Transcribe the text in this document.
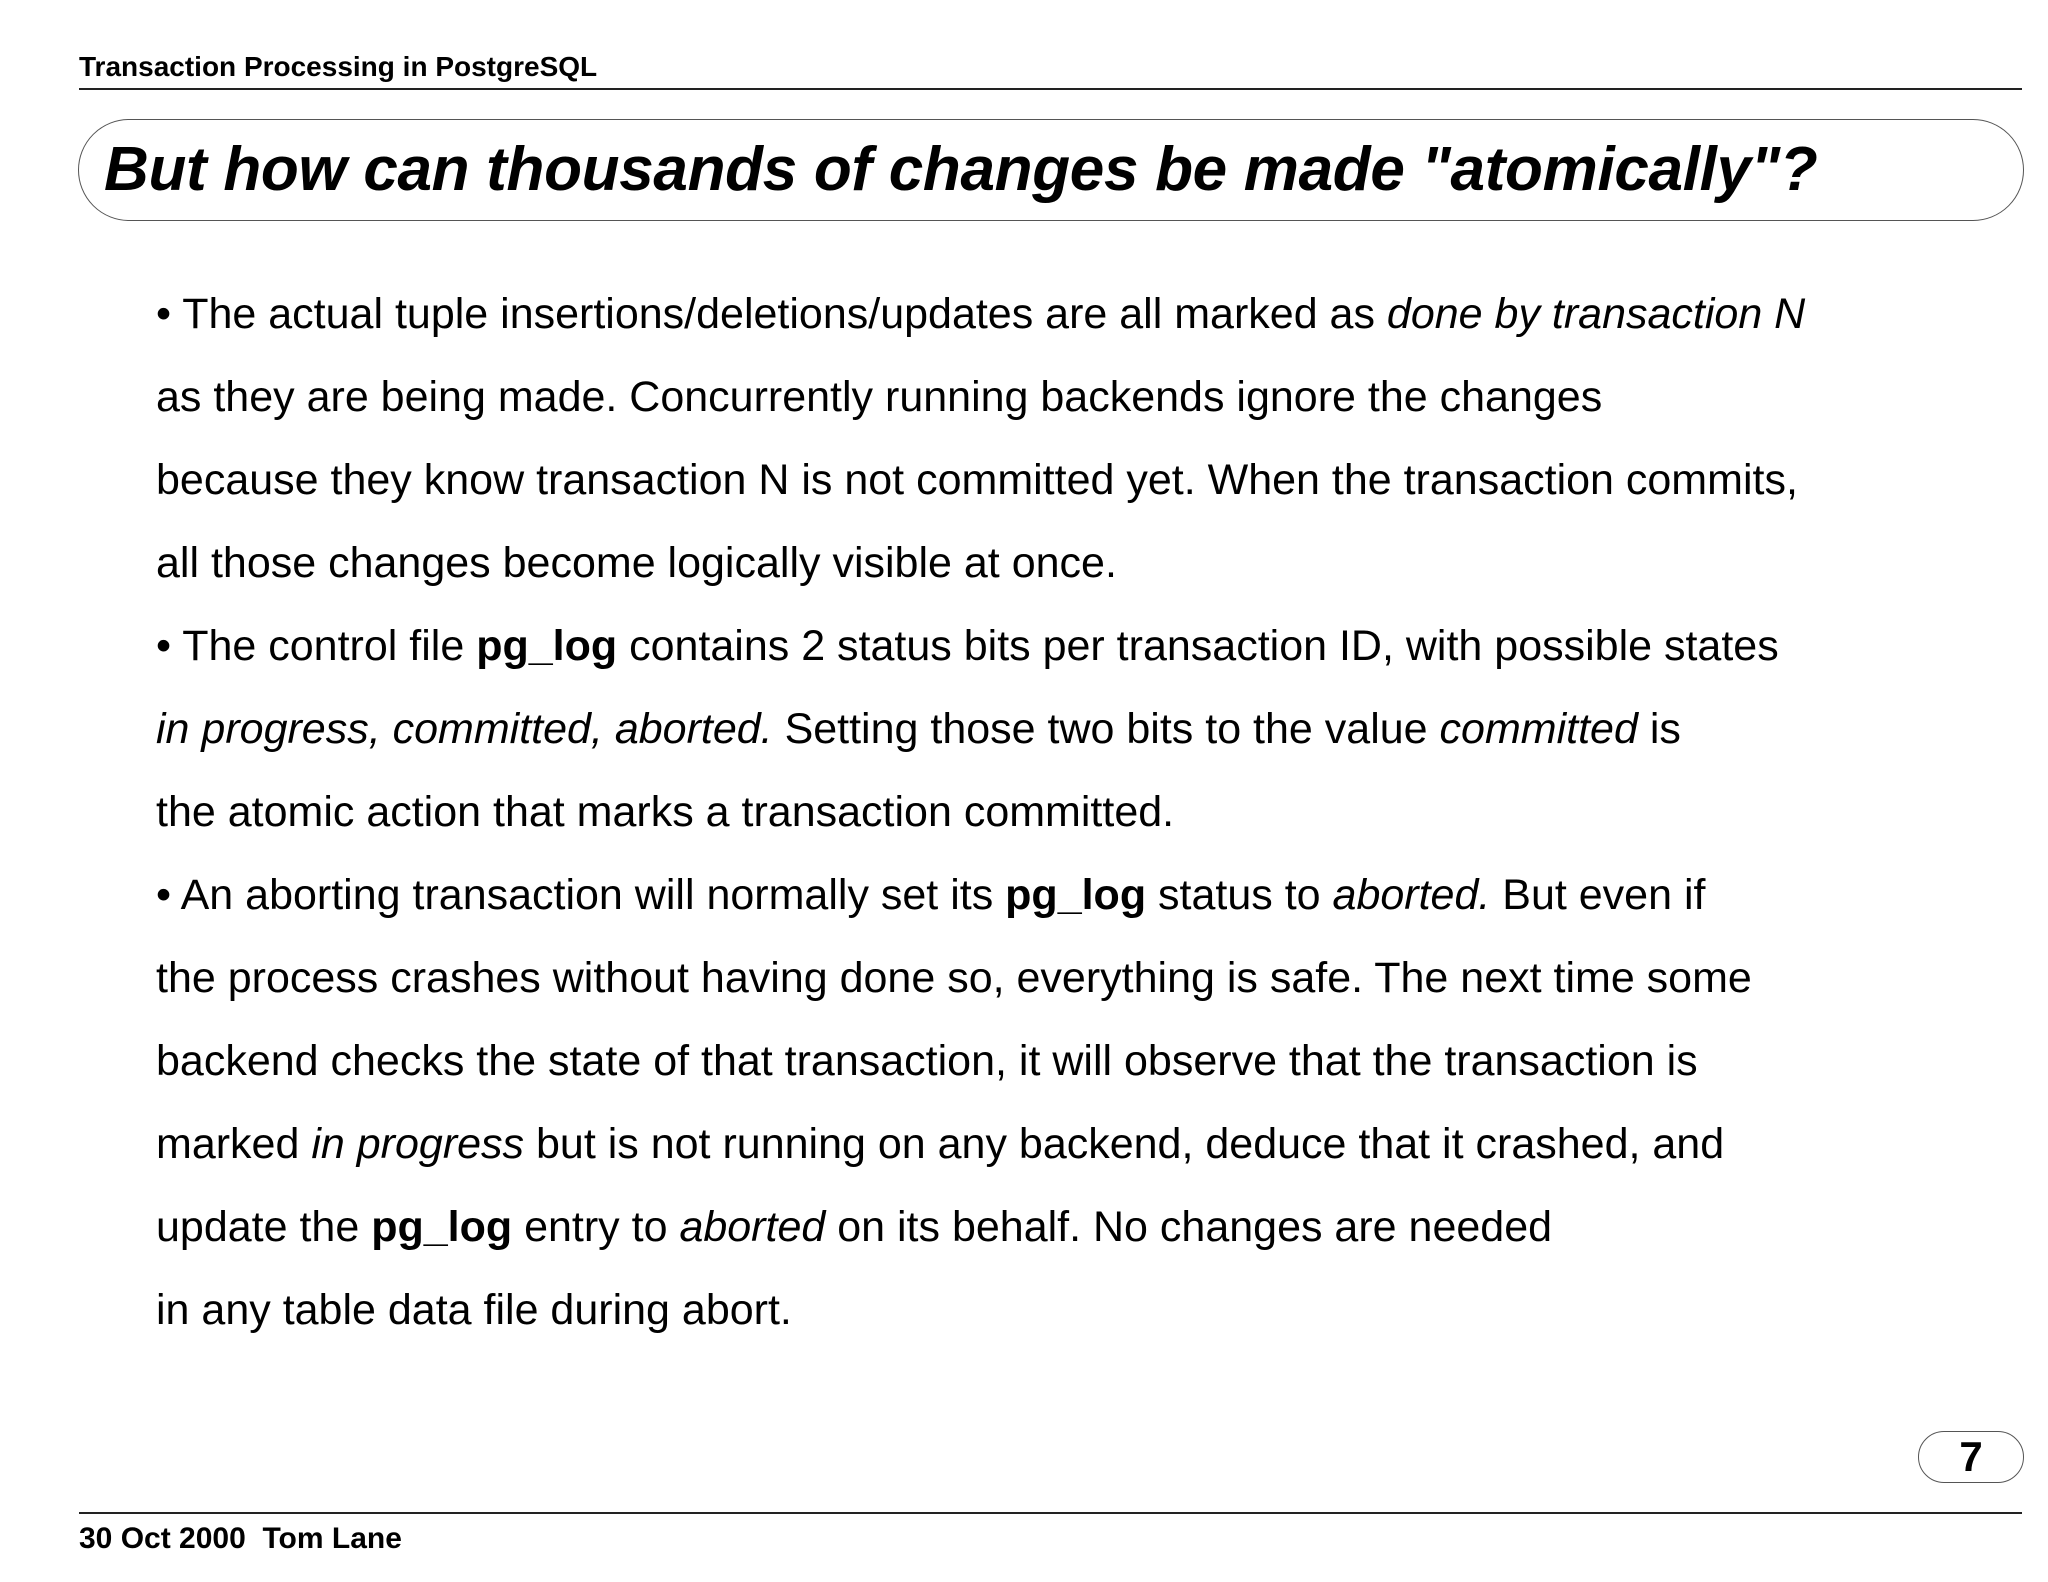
Transaction Processing in PostgreSQL
But how can thousands of changes be made "atomically"?
• The actual tuple insertions/deletions/updates are all marked as done by transaction N
as they are being made. Concurrently running backends ignore the changes
because they know transaction N is not committed yet. When the transaction commits,
all those changes become logically visible at once.
• The control file pg_log contains 2 status bits per transaction ID, with possible states
in progress, committed, aborted. Setting those two bits to the value committed is
the atomic action that marks a transaction committed.
• An aborting transaction will normally set its pg_log status to aborted. But even if
the process crashes without having done so, everything is safe. The next time some
backend checks the state of that transaction, it will observe that the transaction is
marked in progress but is not running on any backend, deduce that it crashed, and
update the pg_log entry to aborted on its behalf. No changes are needed
in any table data file during abort.
7
30 Oct 2000  Tom Lane
